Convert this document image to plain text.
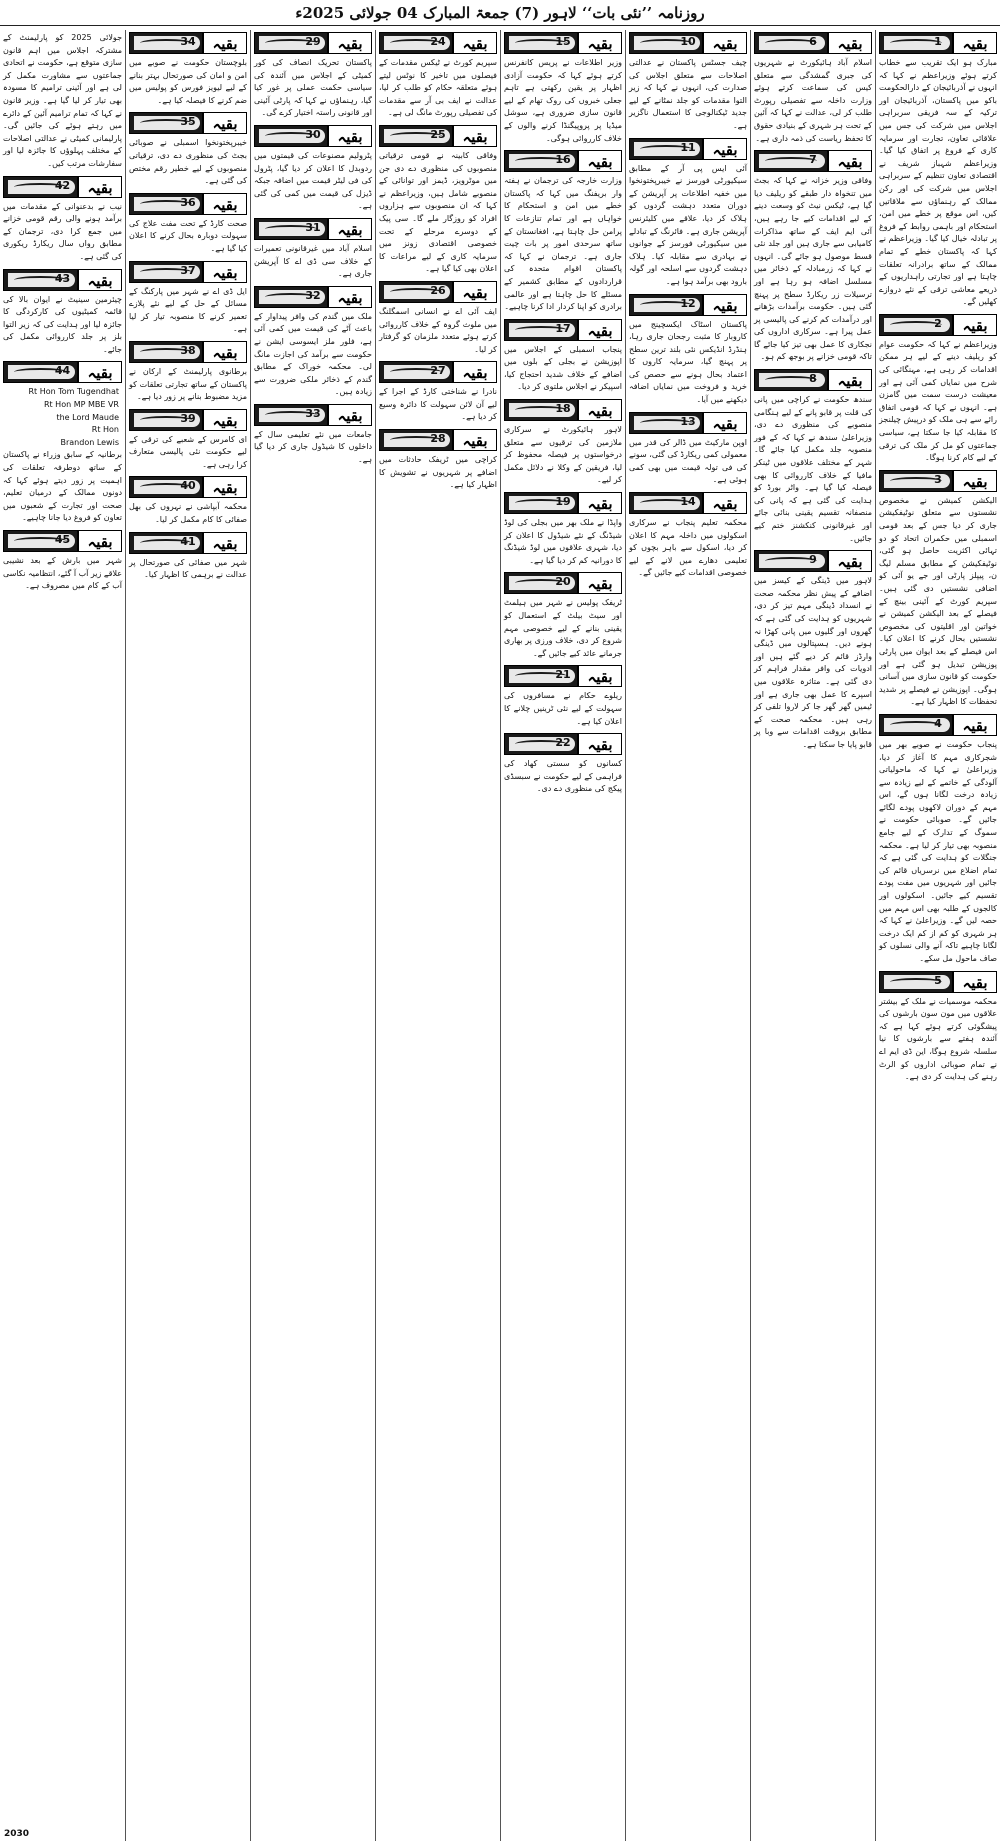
روزنامہ ’’نئی بات‘‘ لاہور (7) جمعۃ المبارک 04 جولائی 2025ء
1	بقیہ

مبارک ہو ایک تقریب سے خطاب کرتے ہوئے وزیراعظم نے کہا کہ انہوں نے آذربائیجان کے دارالحکومت باکو میں پاکستان، آذربائیجان اور ترکیہ کے سہ فریقی سربراہی اجلاس میں شرکت کی جس میں علاقائی تعاون، تجارت اور سرمایہ کاری کے فروغ پر اتفاق کیا گیا۔ وزیراعظم شہباز شریف نے اقتصادی تعاون تنظیم کے سربراہی اجلاس میں شرکت کی اور رکن ممالک کے رہنماؤں سے ملاقاتیں کیں، اس موقع پر خطے میں امن، استحکام اور باہمی روابط کے فروغ پر تبادلہ خیال کیا گیا۔ وزیراعظم نے کہا کہ پاکستان خطے کے تمام ممالک کے ساتھ برادرانہ تعلقات چاہتا ہے اور تجارتی راہداریوں کے ذریعے معاشی ترقی کے نئے دروازے کھلیں گے۔

2	بقیہ

وزیراعظم نے کہا کہ حکومت عوام کو ریلیف دینے کے لیے ہر ممکن اقدامات کر رہی ہے، مہنگائی کی شرح میں نمایاں کمی آئی ہے اور معیشت درست سمت میں گامزن ہے۔ انہوں نے کہا کہ قومی اتفاق رائے سے ہی ملک کو درپیش چیلنجز کا مقابلہ کیا جا سکتا ہے، سیاسی جماعتوں کو مل کر ملک کی ترقی کے لیے کام کرنا ہوگا۔

3	بقیہ

الیکشن کمیشن نے مخصوص نشستوں سے متعلق نوٹیفکیشن جاری کر دیا جس کے بعد قومی اسمبلی میں حکمران اتحاد کو دو تہائی اکثریت حاصل ہو گئی، نوٹیفکیشن کے مطابق مسلم لیگ ن، پیپلز پارٹی اور جے یو آئی کو اضافی نشستیں دی گئی ہیں۔ سپریم کورٹ کے آئینی بینچ کے فیصلے کے بعد الیکشن کمیشن نے خواتین اور اقلیتوں کی مخصوص نشستیں بحال کرنے کا اعلان کیا۔ اس فیصلے کے بعد ایوان میں پارٹی پوزیشن تبدیل ہو گئی ہے اور حکومت کو قانون سازی میں آسانی ہوگی۔ اپوزیشن نے فیصلے پر شدید تحفظات کا اظہار کیا ہے۔

4	بقیہ

پنجاب حکومت نے صوبے بھر میں شجرکاری مہم کا آغاز کر دیا، وزیراعلیٰ نے کہا کہ ماحولیاتی آلودگی کے خاتمے کے لیے زیادہ سے زیادہ درخت لگانا ہوں گے، اس مہم کے دوران لاکھوں پودے لگائے جائیں گے۔ صوبائی حکومت نے سموگ کے تدارک کے لیے جامع منصوبہ بھی تیار کر لیا ہے۔ محکمہ جنگلات کو ہدایت کی گئی ہے کہ تمام اضلاع میں نرسریاں قائم کی جائیں اور شہریوں میں مفت پودے تقسیم کیے جائیں۔ اسکولوں اور کالجوں کے طلبہ بھی اس مہم میں حصہ لیں گے۔ وزیراعلیٰ نے کہا کہ ہر شہری کو کم از کم ایک درخت لگانا چاہیے تاکہ آنے والی نسلوں کو صاف ماحول مل سکے۔

5	بقیہ

محکمہ موسمیات نے ملک کے بیشتر علاقوں میں مون سون بارشوں کی پیشگوئی کرتے ہوئے کہا ہے کہ آئندہ ہفتے سے بارشوں کا نیا سلسلہ شروع ہوگا، این ڈی ایم اے نے تمام صوبائی اداروں کو الرٹ رہنے کی ہدایت کر دی ہے۔

6	بقیہ

اسلام آباد ہائیکورٹ نے شہریوں کی جبری گمشدگی سے متعلق کیس کی سماعت کرتے ہوئے وزارت داخلہ سے تفصیلی رپورٹ طلب کر لی، عدالت نے کہا کہ آئین کے تحت ہر شہری کے بنیادی حقوق کا تحفظ ریاست کی ذمہ داری ہے۔

7	بقیہ

وفاقی وزیر خزانہ نے کہا کہ بجٹ میں تنخواہ دار طبقے کو ریلیف دیا گیا ہے، ٹیکس نیٹ کو وسعت دینے کے لیے اقدامات کیے جا رہے ہیں، آئی ایم ایف کے ساتھ مذاکرات کامیابی سے جاری ہیں اور جلد نئی قسط موصول ہو جائے گی۔ انہوں نے کہا کہ زرمبادلہ کے ذخائر میں مسلسل اضافہ ہو رہا ہے اور ترسیلات زر ریکارڈ سطح پر پہنچ گئی ہیں۔ حکومت برآمدات بڑھانے اور درآمدات کم کرنے کی پالیسی پر عمل پیرا ہے۔ سرکاری اداروں کی نجکاری کا عمل بھی تیز کیا جائے گا تاکہ قومی خزانے پر بوجھ کم ہو۔

8	بقیہ

سندھ حکومت نے کراچی میں پانی کی قلت پر قابو پانے کے لیے ہنگامی منصوبے کی منظوری دے دی، وزیراعلیٰ سندھ نے کہا کہ کے فور منصوبہ جلد مکمل کیا جائے گا۔ شہر کے مختلف علاقوں میں ٹینکر مافیا کے خلاف کارروائی کا بھی فیصلہ کیا گیا ہے۔ واٹر بورڈ کو ہدایت کی گئی ہے کہ پانی کی منصفانہ تقسیم یقینی بنائی جائے اور غیرقانونی کنکشنز ختم کیے جائیں۔

9	بقیہ

لاہور میں ڈینگی کے کیسز میں اضافے کے پیش نظر محکمہ صحت نے انسداد ڈینگی مہم تیز کر دی، شہریوں کو ہدایت کی گئی ہے کہ گھروں اور گلیوں میں پانی کھڑا نہ ہونے دیں۔ ہسپتالوں میں ڈینگی وارڈز قائم کر دیے گئے ہیں اور ادویات کی وافر مقدار فراہم کر دی گئی ہے۔ متاثرہ علاقوں میں اسپرے کا عمل بھی جاری ہے اور ٹیمیں گھر گھر جا کر لاروا تلفی کر رہی ہیں۔ محکمہ صحت کے مطابق بروقت اقدامات سے وبا پر قابو پایا جا سکتا ہے۔

10	بقیہ

چیف جسٹس پاکستان نے عدالتی اصلاحات سے متعلق اجلاس کی صدارت کی، انہوں نے کہا کہ زیر التوا مقدمات کو جلد نمٹانے کے لیے جدید ٹیکنالوجی کا استعمال ناگزیر ہے۔

11	بقیہ

آئی ایس پی آر کے مطابق سیکیورٹی فورسز نے خیبرپختونخوا میں خفیہ اطلاعات پر آپریشن کے دوران متعدد دہشت گردوں کو ہلاک کر دیا، علاقے میں کلیئرنس آپریشن جاری ہے۔ فائرنگ کے تبادلے میں سیکیورٹی فورسز کے جوانوں نے بہادری سے مقابلہ کیا۔ ہلاک دہشت گردوں سے اسلحہ اور گولہ بارود بھی برآمد ہوا ہے۔

12	بقیہ

پاکستان اسٹاک ایکسچینج میں کاروبار کا مثبت رجحان جاری رہا، ہنڈرڈ انڈیکس نئی بلند ترین سطح پر پہنچ گیا، سرمایہ کاروں کا اعتماد بحال ہونے سے حصص کی خرید و فروخت میں نمایاں اضافہ دیکھنے میں آیا۔

13	بقیہ

اوپن مارکیٹ میں ڈالر کی قدر میں معمولی کمی ریکارڈ کی گئی، سونے کی فی تولہ قیمت میں بھی کمی ہوئی ہے۔

14	بقیہ

محکمہ تعلیم پنجاب نے سرکاری اسکولوں میں داخلہ مہم کا اعلان کر دیا، اسکول سے باہر بچوں کو تعلیمی دھارے میں لانے کے لیے خصوصی اقدامات کیے جائیں گے۔

15	بقیہ

وزیر اطلاعات نے پریس کانفرنس کرتے ہوئے کہا کہ حکومت آزادی اظہار پر یقین رکھتی ہے تاہم جعلی خبروں کی روک تھام کے لیے قانون سازی ضروری ہے، سوشل میڈیا پر پروپیگنڈا کرنے والوں کے خلاف کارروائی ہوگی۔

16	بقیہ

وزارت خارجہ کی ترجمان نے ہفتہ وار بریفنگ میں کہا کہ پاکستان خطے میں امن و استحکام کا خواہاں ہے اور تمام تنازعات کا پرامن حل چاہتا ہے، افغانستان کے ساتھ سرحدی امور پر بات چیت جاری ہے۔ ترجمان نے کہا کہ پاکستان اقوام متحدہ کی قراردادوں کے مطابق کشمیر کے مسئلے کا حل چاہتا ہے اور عالمی برادری کو اپنا کردار ادا کرنا چاہیے۔

17	بقیہ

پنجاب اسمبلی کے اجلاس میں اپوزیشن نے بجلی کے بلوں میں اضافے کے خلاف شدید احتجاج کیا، اسپیکر نے اجلاس ملتوی کر دیا۔

18	بقیہ

لاہور ہائیکورٹ نے سرکاری ملازمین کی ترقیوں سے متعلق درخواستوں پر فیصلہ محفوظ کر لیا، فریقین کے وکلا نے دلائل مکمل کر لیے۔

19	بقیہ

واپڈا نے ملک بھر میں بجلی کی لوڈ شیڈنگ کے نئے شیڈول کا اعلان کر دیا، شہری علاقوں میں لوڈ شیڈنگ کا دورانیہ کم کر دیا گیا ہے۔

20	بقیہ

ٹریفک پولیس نے شہر میں ہیلمٹ اور سیٹ بیلٹ کے استعمال کو یقینی بنانے کے لیے خصوصی مہم شروع کر دی، خلاف ورزی پر بھاری جرمانے عائد کیے جائیں گے۔

21	بقیہ

ریلوے حکام نے مسافروں کی سہولت کے لیے نئی ٹرینیں چلانے کا اعلان کیا ہے۔

22	بقیہ

کسانوں کو سستی کھاد کی فراہمی کے لیے حکومت نے سبسڈی پیکج کی منظوری دے دی۔

24	بقیہ

سپریم کورٹ نے ٹیکس مقدمات کے فیصلوں میں تاخیر کا نوٹس لیتے ہوئے متعلقہ حکام کو طلب کر لیا، عدالت نے ایف بی آر سے مقدمات کی تفصیلی رپورٹ مانگ لی ہے۔

25	بقیہ

وفاقی کابینہ نے قومی ترقیاتی منصوبوں کی منظوری دے دی جن میں موٹرویز، ڈیمز اور توانائی کے منصوبے شامل ہیں، وزیراعظم نے کہا کہ ان منصوبوں سے ہزاروں افراد کو روزگار ملے گا۔ سی پیک کے دوسرے مرحلے کے تحت خصوصی اقتصادی زونز میں سرمایہ کاری کے لیے مراعات کا اعلان بھی کیا گیا ہے۔

26	بقیہ

ایف آئی اے نے انسانی اسمگلنگ میں ملوث گروہ کے خلاف کارروائی کرتے ہوئے متعدد ملزمان کو گرفتار کر لیا۔

27	بقیہ

نادرا نے شناختی کارڈ کے اجرا کے لیے آن لائن سہولت کا دائرہ وسیع کر دیا ہے۔

28	بقیہ

کراچی میں ٹریفک حادثات میں اضافے پر شہریوں نے تشویش کا اظہار کیا ہے۔

29	بقیہ

پاکستان تحریک انصاف کی کور کمیٹی کے اجلاس میں آئندہ کی سیاسی حکمت عملی پر غور کیا گیا، رہنماؤں نے کہا کہ پارٹی آئینی اور قانونی راستہ اختیار کرے گی۔

30	بقیہ

پٹرولیم مصنوعات کی قیمتوں میں ردوبدل کا اعلان کر دیا گیا، پٹرول کی فی لیٹر قیمت میں اضافہ جبکہ ڈیزل کی قیمت میں کمی کی گئی ہے۔

31	بقیہ

اسلام آباد میں غیرقانونی تعمیرات کے خلاف سی ڈی اے کا آپریشن جاری ہے۔

32	بقیہ

ملک میں گندم کی وافر پیداوار کے باعث آٹے کی قیمت میں کمی آئی ہے، فلور ملز ایسوسی ایشن نے حکومت سے برآمد کی اجازت مانگ لی۔ محکمہ خوراک کے مطابق گندم کے ذخائر ملکی ضرورت سے زیادہ ہیں۔

33	بقیہ

جامعات میں نئے تعلیمی سال کے داخلوں کا شیڈول جاری کر دیا گیا ہے۔

34	بقیہ

بلوچستان حکومت نے صوبے میں امن و امان کی صورتحال بہتر بنانے کے لیے لیویز فورس کو پولیس میں ضم کرنے کا فیصلہ کیا ہے۔

35	بقیہ

خیبرپختونخوا اسمبلی نے صوبائی بجٹ کی منظوری دے دی، ترقیاتی منصوبوں کے لیے خطیر رقم مختص کی گئی ہے۔

36	بقیہ

صحت کارڈ کے تحت مفت علاج کی سہولت دوبارہ بحال کرنے کا اعلان کیا گیا ہے۔

37	بقیہ

ایل ڈی اے نے شہر میں پارکنگ کے مسائل کے حل کے لیے نئے پلازے تعمیر کرنے کا منصوبہ تیار کر لیا ہے۔

38	بقیہ

برطانوی پارلیمنٹ کے ارکان نے پاکستان کے ساتھ تجارتی تعلقات کو مزید مضبوط بنانے پر زور دیا ہے۔

39	بقیہ

ای کامرس کے شعبے کی ترقی کے لیے حکومت نئی پالیسی متعارف کرا رہی ہے۔

40	بقیہ

محکمہ آبپاشی نے نہروں کی بھل صفائی کا کام مکمل کر لیا۔

41	بقیہ

شہر میں صفائی کی صورتحال پر عدالت نے برہمی کا اظہار کیا۔

جولائی 2025 کو پارلیمنٹ کے مشترکہ اجلاس میں اہم قانون سازی متوقع ہے، حکومت نے اتحادی جماعتوں سے مشاورت مکمل کر لی ہے اور آئینی ترامیم کا مسودہ بھی تیار کر لیا گیا ہے۔ وزیر قانون نے کہا کہ تمام ترامیم آئین کے دائرے میں رہتے ہوئے کی جائیں گی۔ پارلیمانی کمیٹی نے عدالتی اصلاحات کے مختلف پہلوؤں کا جائزہ لیا اور سفارشات مرتب کیں۔

42	بقیہ

نیب نے بدعنوانی کے مقدمات میں برآمد ہونے والی رقم قومی خزانے میں جمع کرا دی، ترجمان کے مطابق رواں سال ریکارڈ ریکوری کی گئی ہے۔

43	بقیہ

چیئرمین سینیٹ نے ایوان بالا کی قائمہ کمیٹیوں کی کارکردگی کا جائزہ لیا اور ہدایت کی کہ زیر التوا بلز پر جلد کارروائی مکمل کی جائے۔

44	بقیہ
Rt Hon Tom Tugendhat
Rt Hon MP MBE VR
the Lord Maude
Rt Hon
Brandon Lewis

برطانیہ کے سابق وزراء نے پاکستان کے ساتھ دوطرفہ تعلقات کی اہمیت پر زور دیتے ہوئے کہا کہ دونوں ممالک کے درمیان تعلیم، صحت اور تجارت کے شعبوں میں تعاون کو فروغ دیا جانا چاہیے۔

45	بقیہ

شہر میں بارش کے بعد نشیبی علاقے زیر آب آ گئے، انتظامیہ نکاسی آب کے کام میں مصروف ہے۔

2030
